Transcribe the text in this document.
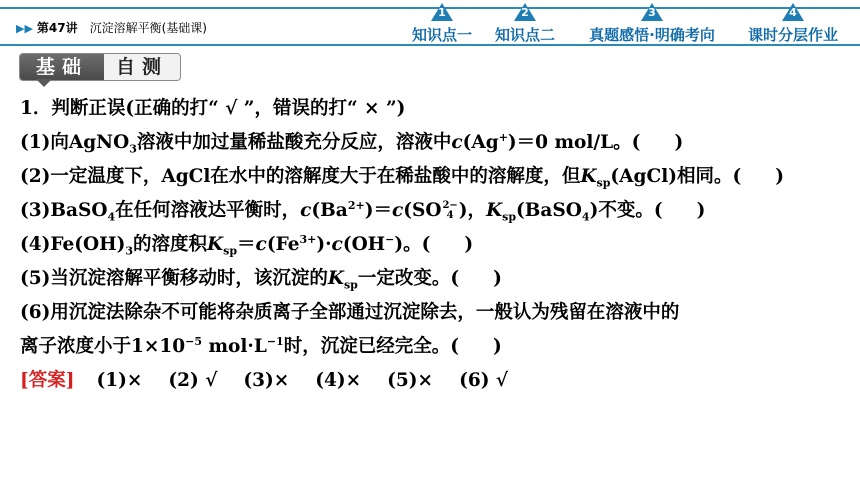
▶▶ 第47讲 沉淀溶解平衡(基础课)
1
知识点一
2
知识点二
3
真题感悟·明确考向
4
课时分层作业
基础	自测
1．判断正误(正确的打“ √ ”，错误的打“ × ”)
(1)向AgNO$_3$溶液中加过量稀盐酸充分反应，溶液中c(Ag+)＝0 mol/L。( )
(2)一定温度下，AgCl在水中的溶解度大于在稀盐酸中的溶解度，但$K_{sp}(AgCl)$相同。( )
(3)BaSO$_4$在任何溶液达平衡时，$c(Ba^{2+})=c(SO$ 2−
4 )，$K_{sp}(BaSO_4)$不变。( )
$(4)Fe(OH)_3$的溶度积$K_{sp}=c(Fe^{3+})\cdot c(OH^-)$。( )
(5)当沉淀溶解平衡移动时，该沉淀的$K_{sp}$一定改变。( )
(6)用沉淀法除杂不可能将杂质离子全部通过沉淀除去，一般认为残留在溶液中的
离子浓度小于$1\times 10^{-5}$ $mol\cdot L^{-1}$时，沉淀已经完全。( )
[答案] (1)× (2) √ (3)× (4)× (5)× (6) √
